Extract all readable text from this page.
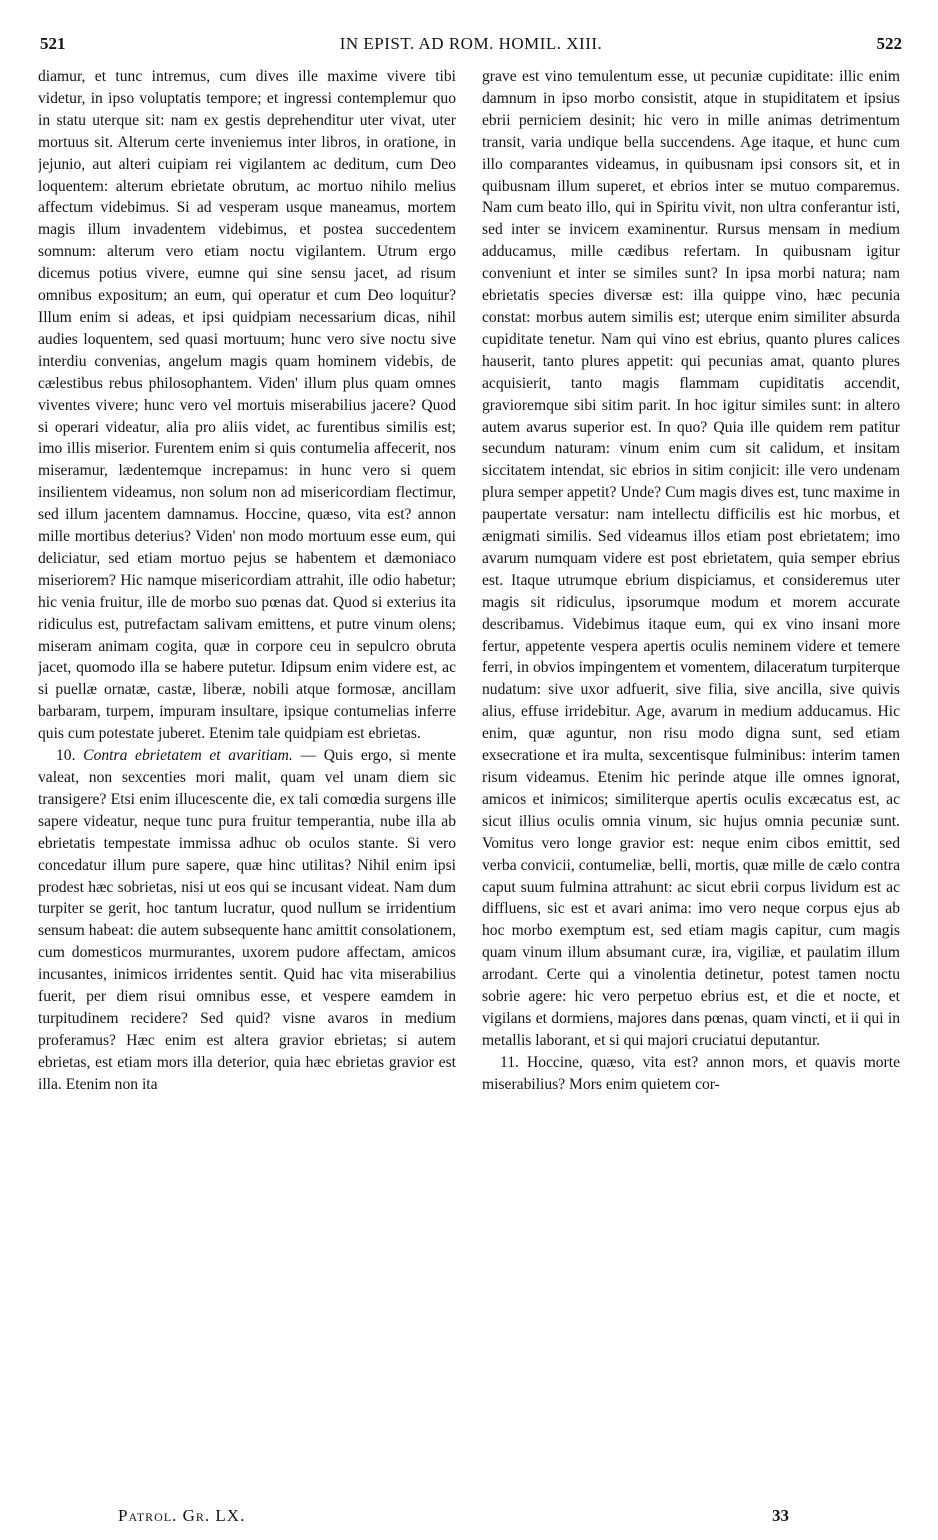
521	IN EPIST. AD ROM. HOMIL. XIII.	522

diamur, et tunc intremus, cum dives ille maxime vivere tibi videtur, in ipso voluptatis tempore; et ingressi contemplemur quo in statu uterque sit: nam ex gestis deprehenditur uter vivat, uter mortuus sit. Alterum certe inveniemus inter libros, in oratione, in jejunio, aut alteri cuipiam rei vigilantem ac deditum, cum Deo loquentem: alterum ebrietate obrutum, ac mortuo nihilo melius affectum videbimus. Si ad vesperam usque maneamus, mortem magis illum invadentem videbimus, et postea succedentem somnum: alterum vero etiam noctu vigilantem. Utrum ergo dicemus potius vivere, eumne qui sine sensu jacet, ad risum omnibus expositum; an eum, qui operatur et cum Deo loquitur? Illum enim si adeas, et ipsi quidpiam necessarium dicas, nihil audies loquentem, sed quasi mortuum; hunc vero sive noctu sive interdiu convenias, angelum magis quam hominem videbis, de cælestibus rebus philosophantem. Viden' illum plus quam omnes viventes vivere; hunc vero vel mortuis miserabilius jacere? Quod si operari videatur, alia pro aliis videt, ac furentibus similis est; imo illis miserior. Furentem enim si quis contumelia affecerit, nos miseramur, lædentemque increpamus: in hunc vero si quem insilientem videamus, non solum non ad misericordiam flectimur, sed illum jacentem damnamus. Hoccine, quæso, vita est? annon mille mortibus deterius? Viden' non modo mortuum esse eum, qui deliciatur, sed etiam mortuo pejus se habentem et dæmoniaco miseriorem? Hic namque misericordiam attrahit, ille odio habetur; hic venia fruitur, ille de morbo suo pœnas dat. Quod si exterius ita ridiculus est, putrefactam salivam emittens, et putre vinum olens; miseram animam cogita, quæ in corpore ceu in sepulcro obruta jacet, quomodo illa se habere putetur. Idipsum enim videre est, ac si puellæ ornatæ, castæ, liberæ, nobili atque formosæ, ancillam barbaram, turpem, impuram insultare, ipsique contumelias inferre quis cum potestate juberet. Etenim tale quidpiam est ebrietas.

10. Contra ebrietatem et avaritiam. — Quis ergo, si mente valeat, non sexcenties mori malit, quam vel unam diem sic transigere? Etsi enim illucescente die, ex tali comœdia surgens ille sapere videatur, neque tunc pura fruitur temperantia, nube illa ab ebrietatis tempestate immissa adhuc ob oculos stante. Si vero concedatur illum pure sapere, quæ hinc utilitas? Nihil enim ipsi prodest hæc sobrietas, nisi ut eos qui se incusant videat. Nam dum turpiter se gerit, hoc tantum lucratur, quod nullum se irridentium sensum habeat: die autem subsequente hanc amittit consolationem, cum domesticos murmurantes, uxorem pudore affectam, amicos incusantes, inimicos irridentes sentit. Quid hac vita miserabilius fuerit, per diem risui omnibus esse, et vespere eamdem in turpitudinem recidere? Sed quid? visne avaros in medium proferamus? Hæc enim est altera gravior ebrietas; si autem ebrietas, est etiam mors illa deterior, quia hæc ebrietas gravior est illa. Etenim non ita

grave est vino temulentum esse, ut pecuniæ cupiditate: illic enim damnum in ipso morbo consistit, atque in stupiditatem et ipsius ebrii perniciem desinit; hic vero in mille animas detrimentum transit, varia undique bella succendens. Age itaque, et hunc cum illo comparantes videamus, in quibusnam ipsi consors sit, et in quibusnam illum superet, et ebrios inter se mutuo comparemus. Nam cum beato illo, qui in Spiritu vivit, non ultra conferantur isti, sed inter se invicem examinentur. Rursus mensam in medium adducamus, mille cædibus refertam. In quibusnam igitur conveniunt et inter se similes sunt? In ipsa morbi natura; nam ebrietatis species diversæ est: illa quippe vino, hæc pecunia constat: morbus autem similis est; uterque enim similiter absurda cupiditate tenetur. Nam qui vino est ebrius, quanto plures calices hauserit, tanto plures appetit: qui pecunias amat, quanto plures acquisierit, tanto magis flammam cupiditatis accendit, gravioremque sibi sitim parit. In hoc igitur similes sunt: in altero autem avarus superior est. In quo? Quia ille quidem rem patitur secundum naturam: vinum enim cum sit calidum, et insitam siccitatem intendat, sic ebrios in sitim conjicit: ille vero undenam plura semper appetit? Unde? Cum magis dives est, tunc maxime in paupertate versatur: nam intellectu difficilis est hic morbus, et ænigmati similis. Sed videamus illos etiam post ebrietatem; imo avarum numquam videre est post ebrietatem, quia semper ebrius est. Itaque utrumque ebrium dispiciamus, et consideremus uter magis sit ridiculus, ipsorumque modum et morem accurate describamus. Videbimus itaque eum, qui ex vino insani more fertur, appetente vespera apertis oculis neminem videre et temere ferri, in obvios impingentem et vomentem, dilaceratum turpiterque nudatum: sive uxor adfuerit, sive filia, sive ancilla, sive quivis alius, effuse irridebitur. Age, avarum in medium adducamus. Hic enim, quæ aguntur, non risu modo digna sunt, sed etiam exsecratione et ira multa, sexcentisque fulminibus: interim tamen risum videamus. Etenim hic perinde atque ille omnes ignorat, amicos et inimicos; similiterque apertis oculis excæcatus est, ac sicut illius oculis omnia vinum, sic hujus omnia pecuniæ sunt. Vomitus vero longe gravior est: neque enim cibos emittit, sed verba convicii, contumeliæ, belli, mortis, quæ mille de cælo contra caput suum fulmina attrahunt: ac sicut ebrii corpus lividum est ac diffluens, sic est et avari anima: imo vero neque corpus ejus ab hoc morbo exemptum est, sed etiam magis capitur, cum magis quam vinum illum absumant curæ, ira, vigiliæ, et paulatim illum arrodant. Certe qui a vinolentia detinetur, potest tamen noctu sobrie agere: hic vero perpetuo ebrius est, et die et nocte, et vigilans et dormiens, majores dans pœnas, quam vincti, et ii qui in metallis laborant, et si qui majori cruciatui deputantur.

11. Hoccine, quæso, vita est? annon mors, et quavis morte miserabilius? Mors enim quietem cor-

Patrol. Gr. LX.	33
